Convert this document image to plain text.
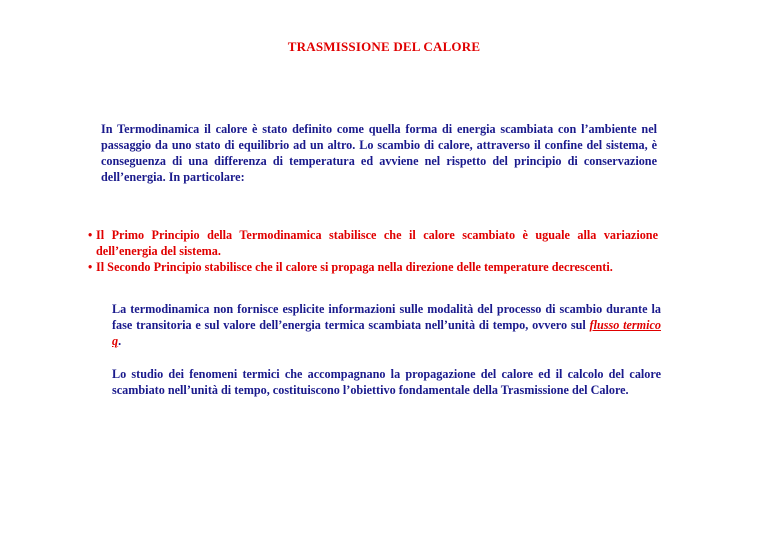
TRASMISSIONE DEL CALORE

In Termodinamica il calore è stato definito come quella forma di energia scambiata con l’ambiente nel passaggio da uno stato di equilibrio ad un altro. Lo scambio di calore, attraverso il confine del sistema, è conseguenza di una differenza di temperatura ed avviene nel rispetto del principio di conservazione dell’energia. In particolare:

• Il Primo Principio della Termodinamica stabilisce che il calore scambiato è uguale alla variazione dell’energia del sistema.
• Il Secondo Principio stabilisce che il calore si propaga nella direzione delle temperature decrescenti.

La termodinamica non fornisce esplicite informazioni sulle modalità del processo di scambio durante la fase transitoria e sul valore dell’energia termica scambiata nell’unità di tempo, ovvero sul flusso termico q.

Lo studio dei fenomeni termici che accompagnano la propagazione del calore ed il calcolo del calore scambiato nell’unità di tempo, costituiscono l’obiettivo fondamentale della Trasmissione del Calore.
